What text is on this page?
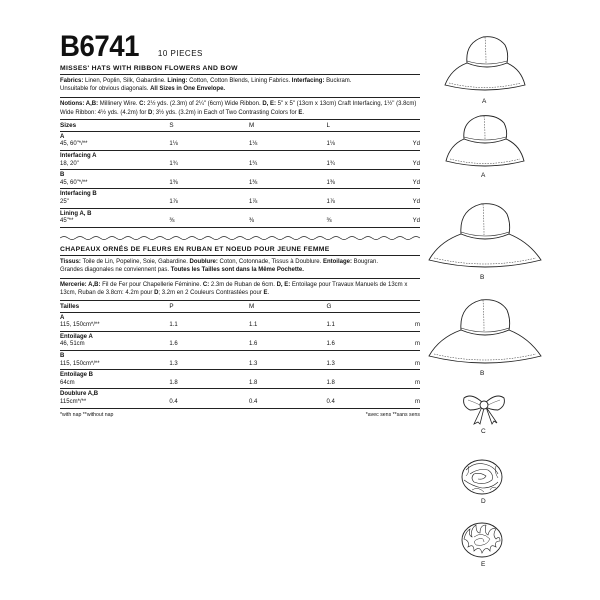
B6741 10 PIECES
MISSES' HATS WITH RIBBON FLOWERS AND BOW
Fabrics: Linen, Poplin, Silk, Gabardine. Lining: Cotton, Cotton Blends, Lining Fabrics. Interfacing: Buckram.
Unsuitable for obvious diagonals. All Sizes in One Envelope.
Notions: A,B: Millinery Wire. C: 2½ yds. (2.3m) of 2¼" (6cm) Wide Ribbon. D, E: 5" x 5" (13cm x 13cm) Craft Interfacing, 1½" (3.8cm) Wide Ribbon: 4½ yds. (4.2m) for D; 3½ yds. (3.2m) in Each of Two Contrasting Colors for E.
Sizes	S	M	L
A
45, 60"*/**	1⅛	1⅛	1⅛	Yd
Interfacing A
18, 20"	1¾	1¾	1¾	Yd
B
45, 60"*/**	1⅜	1⅜	1⅜	Yd
Interfacing B
25"	1⅞	1⅞	1⅞	Yd
Lining A, B
45"**	⅜	⅜	⅜	Yd
CHAPEAUX ORNÉS DE FLEURS EN RUBAN ET NOEUD POUR JEUNE FEMME
Tissus: Toile de Lin, Popeline, Soie, Gabardine. Doublure: Coton, Cotonnade, Tissus à Doublure. Entoilage: Bougran.
Grandes diagonales ne conviennent pas. Toutes les Tailles sont dans la Même Pochette.
Mercerie: A,B: Fil de Fer pour Chapellerie Féminine. C: 2.3m de Ruban de 6cm. D, E: Entoilage pour Travaux Manuels de 13cm x 13cm, Ruban de 3.8cm: 4.2m pour D; 3.2m en 2 Couleurs Contrastées pour E.
Tailles	P	M	G
A
115, 150cm*/**	1.1	1.1	1.1	m
Entoilage A
46, 51cm	1.6	1.6	1.6	m
B
115, 150cm*/**	1.3	1.3	1.3	m
Entoilage B
64cm	1.8	1.8	1.8	m
Doublure A,B
115cm*/**	0.4	0.4	0.4	m
*with nap **without nap	*avec sens **sans sens
A
A
B
B
C
D
E
